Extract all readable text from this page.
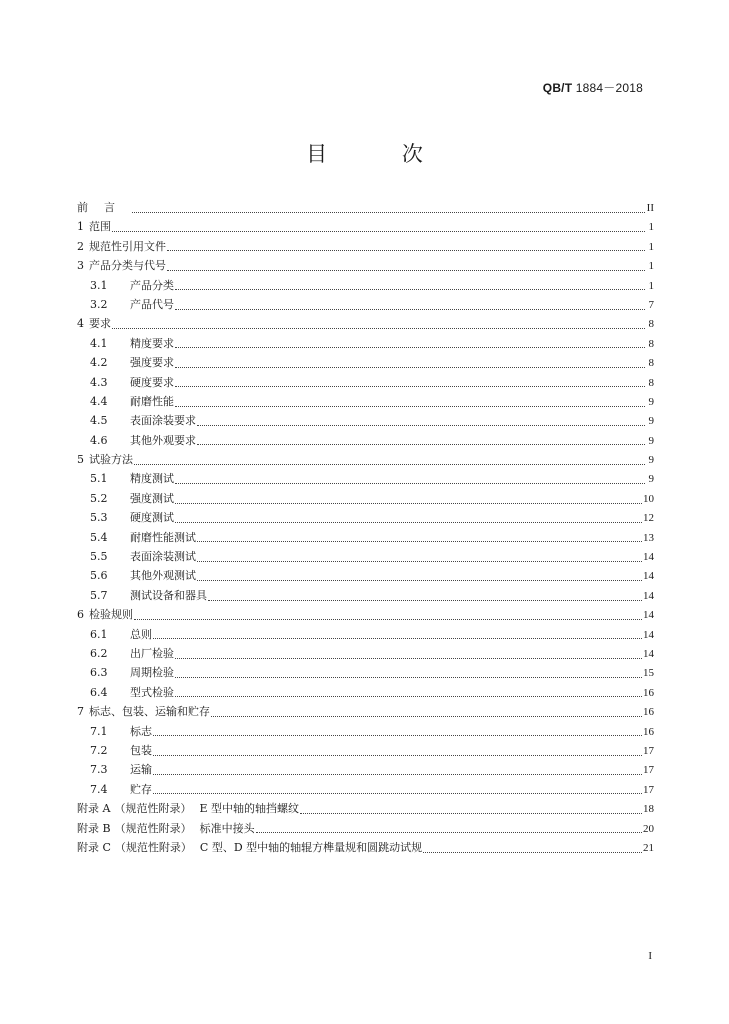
QB/T 1884－2018
目 次
前言	II
1 范围	1
2 规范性引用文件	1
3 产品分类与代号	1
3.1	产品分类	1
3.2	产品代号	7
4 要求	8
4.1	精度要求	8
4.2	强度要求	8
4.3	硬度要求	8
4.4	耐磨性能	9
4.5	表面涂装要求	9
4.6	其他外观要求	9
5 试验方法	9
5.1	精度测试	9
5.2	强度测试	10
5.3	硬度测试	12
5.4	耐磨性能测试	13
5.5	表面涂装测试	14
5.6	其他外观测试	14
5.7	测试设备和器具	14
6 检验规则	14
6.1	总则	14
6.2	出厂检验	14
6.3	周期检验	15
6.4	型式检验	16
7 标志、包装、运输和贮存	16
7.1	标志	16
7.2	包装	17
7.3	运输	17
7.4	贮存	17
附录 A （规范性附录） E 型中轴的轴挡螺纹	18
附录 B （规范性附录） 标准中接头	20
附录 C （规范性附录） C 型、D 型中轴的轴辊方榫量规和圆跳动试规	21
I
